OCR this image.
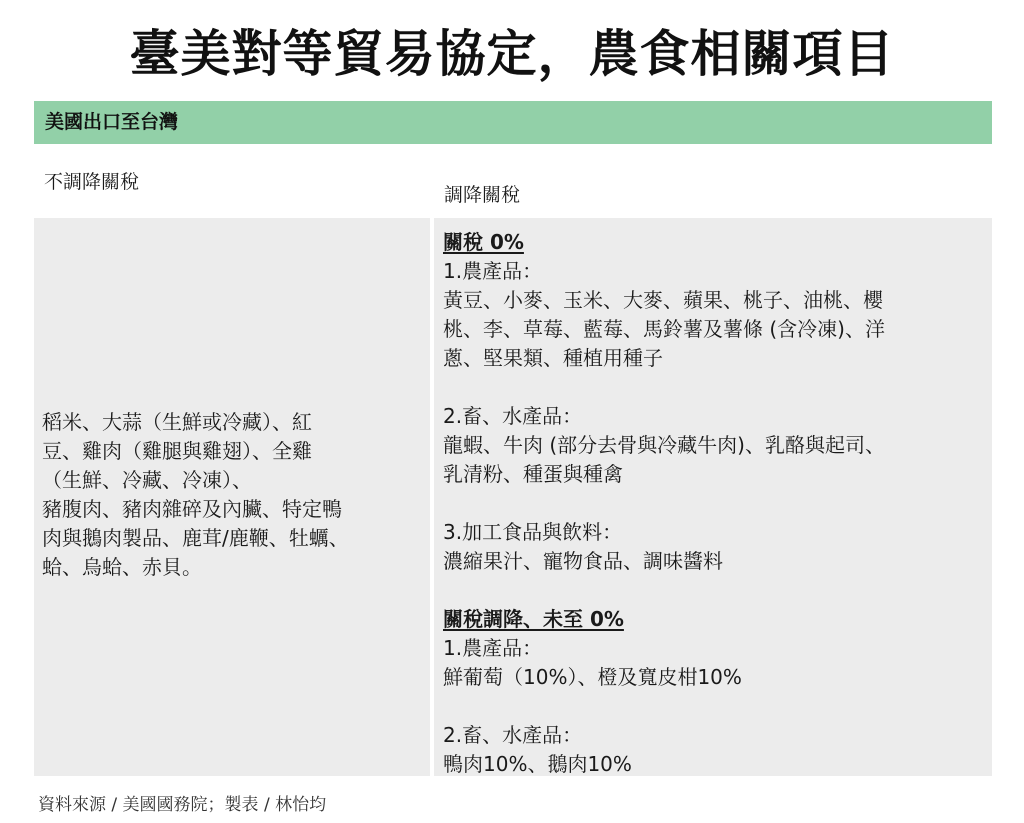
臺美對等貿易協定，農食相關項目
美國出口至台灣
不調降關稅
調降關稅
稻米、大蒜（生鮮或冷藏）、紅
豆、雞肉（雞腿與雞翅）、全雞
（生鮮、冷藏、冷凍）、
豬腹肉、豬肉雜碎及內臟、特定鴨
肉與鵝肉製品、鹿茸/鹿鞭、牡蠣、
蛤、烏蛤、赤貝。
關稅 0%
1.農產品：
黃豆、小麥、玉米、大麥、蘋果、桃子、油桃、櫻
桃、李、草莓、藍莓、馬鈴薯及薯條 (含冷凍)、洋
蔥、堅果類、種植用種子
2.畜、水產品：
龍蝦、牛肉 (部分去骨與冷藏牛肉)、乳酪與起司、
乳清粉、種蛋與種禽
3.加工食品與飲料：
濃縮果汁、寵物食品、調味醬料
關稅調降、未至 0%
1.農產品：
鮮葡萄（10%）、橙及寬皮柑10%
2.畜、水產品：
鴨肉10%、鵝肉10%
資料來源 / 美國國務院；製表 / 林怡均
